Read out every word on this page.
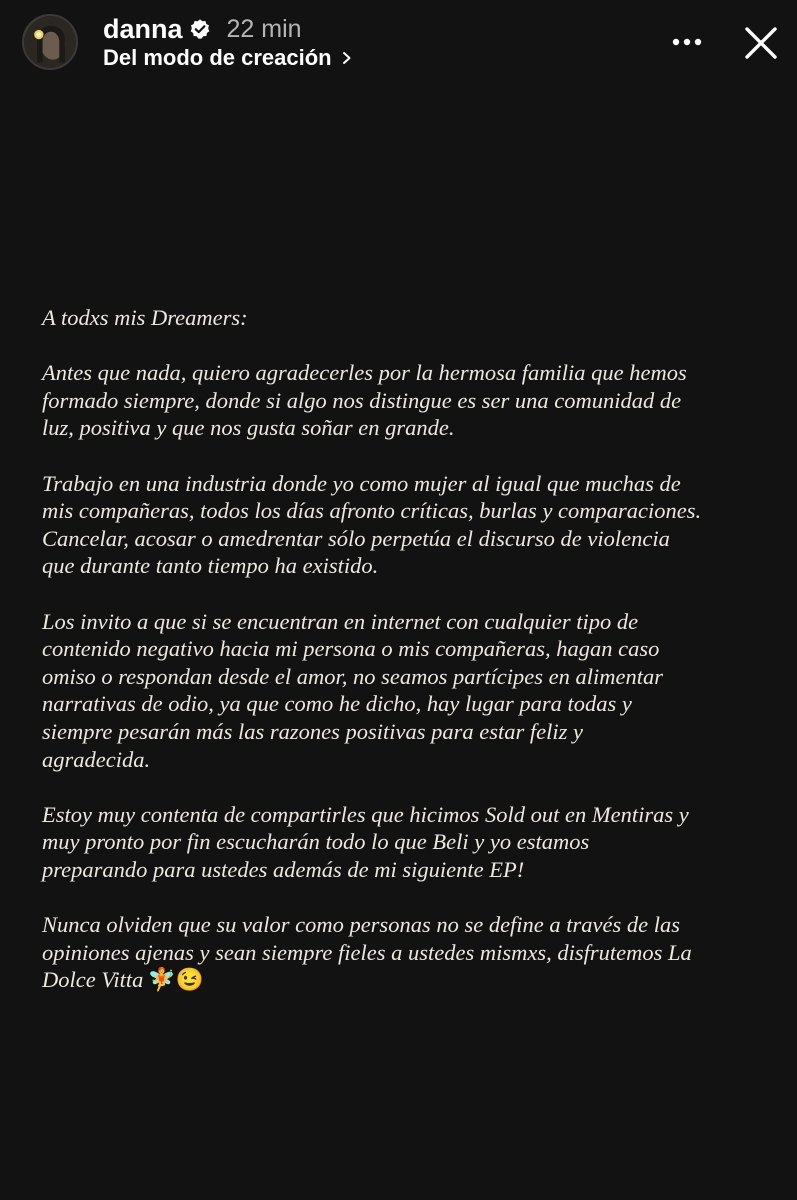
danna 22 min
Del modo de creación

A todxs mis Dreamers:

Antes que nada, quiero agradecerles por la hermosa familia que hemos
formado siempre, donde si algo nos distingue es ser una comunidad de
luz, positiva y que nos gusta soñar en grande.

Trabajo en una industria donde yo como mujer al igual que muchas de
mis compañeras, todos los días afronto críticas, burlas y comparaciones.
Cancelar, acosar o amedrentar sólo perpetúa el discurso de violencia
que durante tanto tiempo ha existido.

Los invito a que si se encuentran en internet con cualquier tipo de
contenido negativo hacia mi persona o mis compañeras, hagan caso
omiso o respondan desde el amor, no seamos partícipes en alimentar
narrativas de odio, ya que como he dicho, hay lugar para todas y
siempre pesarán más las razones positivas para estar feliz y
agradecida.

Estoy muy contenta de compartirles que hicimos Sold out en Mentiras y
muy pronto por fin escucharán todo lo que Beli y yo estamos
preparando para ustedes además de mi siguiente EP!

Nunca olviden que su valor como personas no se define a través de las
opiniones ajenas y sean siempre fieles a ustedes mismxs, disfrutemos La
Dolce Vitta 🧚😉
